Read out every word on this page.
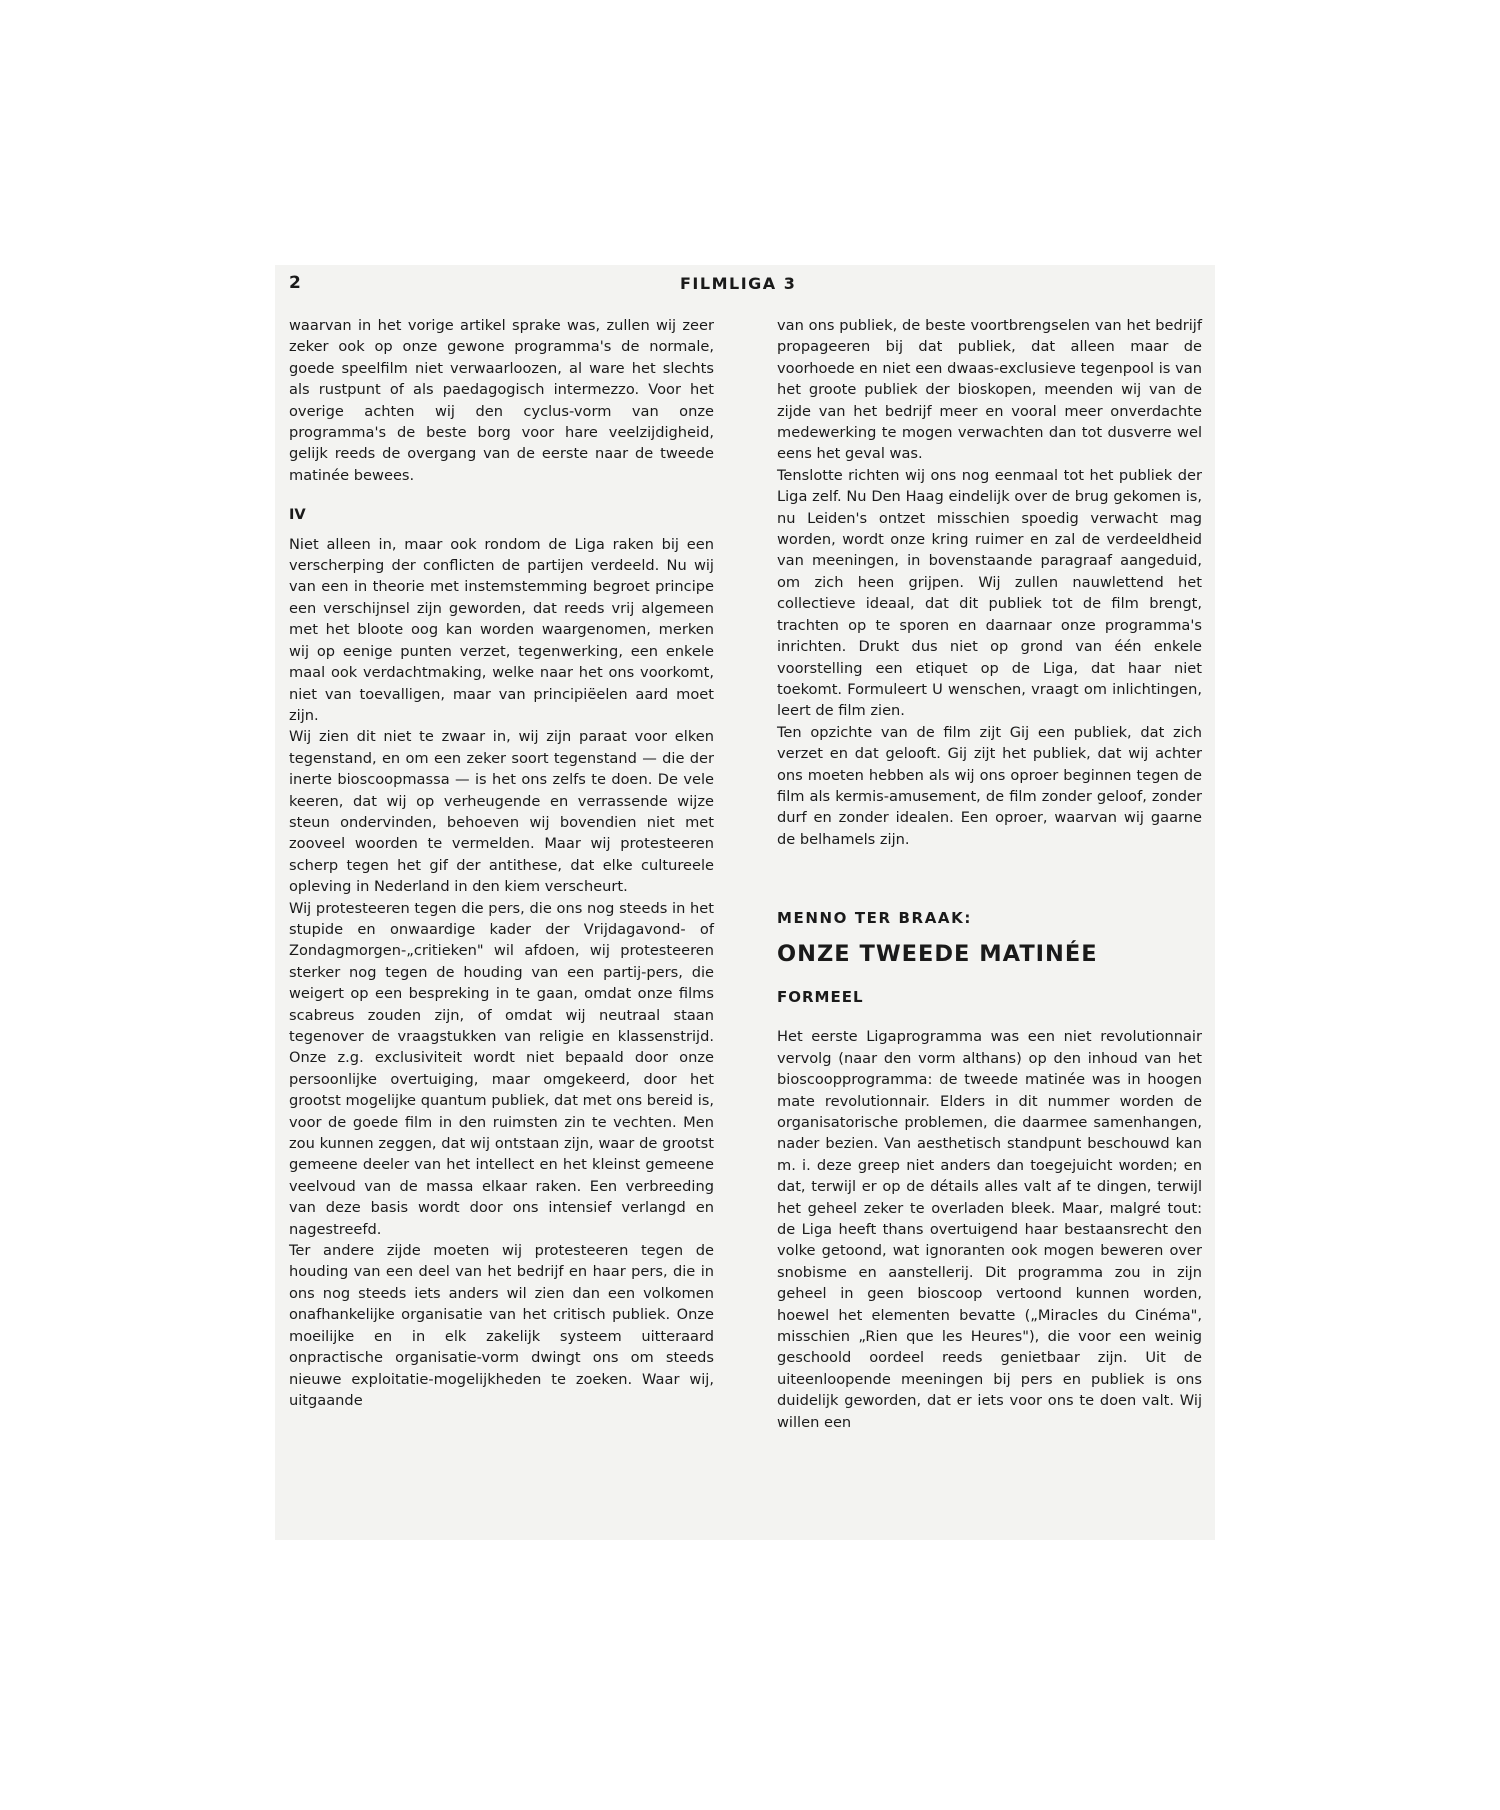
2	FILMLIGA 3

waarvan in het vorige artikel sprake was, zullen wij zeer zeker ook op onze gewone programma's de normale, goede speelfilm niet verwaarloozen, al ware het slechts als rustpunt of als paedagogisch intermezzo. Voor het overige achten wij den cyclus-vorm van onze programma's de beste borg voor hare veelzijdigheid, gelijk reeds de overgang van de eerste naar de tweede matinée bewees.

IV

Niet alleen in, maar ook rondom de Liga raken bij een verscherping der conflicten de partijen verdeeld. Nu wij van een in theorie met instemstemming begroet principe een verschijnsel zijn geworden, dat reeds vrij algemeen met het bloote oog kan worden waargenomen, merken wij op eenige punten verzet, tegenwerking, een enkele maal ook verdachtmaking, welke naar het ons voorkomt, niet van toevalligen, maar van principiëelen aard moet zijn.

Wij zien dit niet te zwaar in, wij zijn paraat voor elken tegenstand, en om een zeker soort tegenstand — die der inerte bioscoopmassa — is het ons zelfs te doen. De vele keeren, dat wij op verheugende en verrassende wijze steun ondervinden, behoeven wij bovendien niet met zooveel woorden te vermelden. Maar wij protesteeren scherp tegen het gif der antithese, dat elke cultureele opleving in Nederland in den kiem verscheurt.

Wij protesteeren tegen die pers, die ons nog steeds in het stupide en onwaardige kader der Vrijdagavond- of Zondagmorgen-„critieken" wil afdoen, wij protesteeren sterker nog tegen de houding van een partij-pers, die weigert op een bespreking in te gaan, omdat onze films scabreus zouden zijn, of omdat wij neutraal staan tegenover de vraagstukken van religie en klassenstrijd. Onze z.g. exclusiviteit wordt niet bepaald door onze persoonlijke overtuiging, maar omgekeerd, door het grootst mogelijke quantum publiek, dat met ons bereid is, voor de goede film in den ruimsten zin te vechten. Men zou kunnen zeggen, dat wij ontstaan zijn, waar de grootst gemeene deeler van het intellect en het kleinst gemeene veelvoud van de massa elkaar raken. Een verbreeding van deze basis wordt door ons intensief verlangd en nagestreefd.

Ter andere zijde moeten wij protesteeren tegen de houding van een deel van het bedrijf en haar pers, die in ons nog steeds iets anders wil zien dan een volkomen onafhankelijke organisatie van het critisch publiek. Onze moeilijke en in elk zakelijk systeem uitteraard onpractische organisatie-vorm dwingt ons om steeds nieuwe exploitatie-mogelijkheden te zoeken. Waar wij, uitgaande

van ons publiek, de beste voortbrengselen van het bedrijf propageeren bij dat publiek, dat alleen maar de voorhoede en niet een dwaas-exclusieve tegenpool is van het groote publiek der bioskopen, meenden wij van de zijde van het bedrijf meer en vooral meer onverdachte medewerking te mogen verwachten dan tot dusverre wel eens het geval was.

Tenslotte richten wij ons nog eenmaal tot het publiek der Liga zelf. Nu Den Haag eindelijk over de brug gekomen is, nu Leiden's ontzet misschien spoedig verwacht mag worden, wordt onze kring ruimer en zal de verdeeldheid van meeningen, in bovenstaande paragraaf aangeduid, om zich heen grijpen. Wij zullen nauwlettend het collectieve ideaal, dat dit publiek tot de film brengt, trachten op te sporen en daarnaar onze programma's inrichten. Drukt dus niet op grond van één enkele voorstelling een etiquet op de Liga, dat haar niet toekomt. Formuleert U wenschen, vraagt om inlichtingen, leert de film zien.

Ten opzichte van de film zijt Gij een publiek, dat zich verzet en dat gelooft. Gij zijt het publiek, dat wij achter ons moeten hebben als wij ons oproer beginnen tegen de film als kermis-amusement, de film zonder geloof, zonder durf en zonder idealen. Een oproer, waarvan wij gaarne de belhamels zijn.

MENNO TER BRAAK:
ONZE TWEEDE MATINÉE
FORMEEL

Het eerste Ligaprogramma was een niet revolutionnair vervolg (naar den vorm althans) op den inhoud van het bioscoopprogramma: de tweede matinée was in hoogen mate revolutionnair. Elders in dit nummer worden de organisatorische problemen, die daarmee samenhangen, nader bezien. Van aesthetisch standpunt beschouwd kan m. i. deze greep niet anders dan toegejuicht worden; en dat, terwijl er op de détails alles valt af te dingen, terwijl het geheel zeker te overladen bleek. Maar, malgré tout: de Liga heeft thans overtuigend haar bestaansrecht den volke getoond, wat ignoranten ook mogen beweren over snobisme en aanstellerij. Dit programma zou in zijn geheel in geen bioscoop vertoond kunnen worden, hoewel het elementen bevatte („Miracles du Cinéma", misschien „Rien que les Heures"), die voor een weinig geschoold oordeel reeds genietbaar zijn. Uit de uiteenloopende meeningen bij pers en publiek is ons duidelijk geworden, dat er iets voor ons te doen valt. Wij willen een
